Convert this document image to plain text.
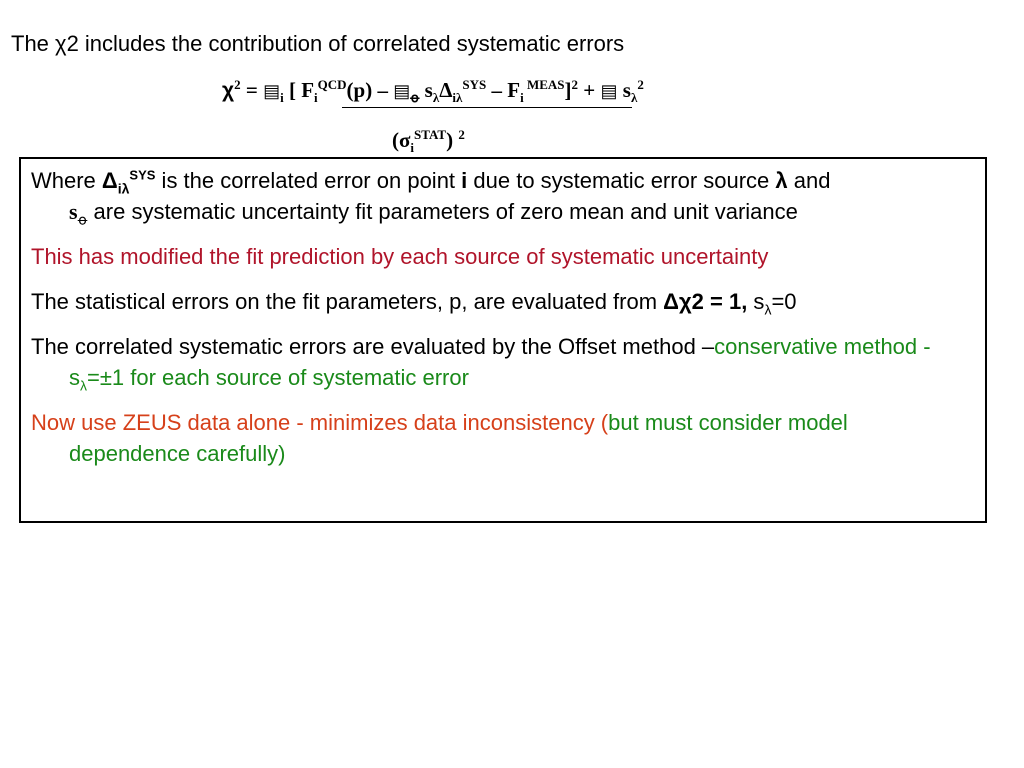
The χ2 includes the contribution of correlated systematic errors
$\chi^2$ = $▤_i$ [ $F_i^{QCD}(p)$ – $▤_ꝋ$ $s_\lambda\Delta_{i\lambda}^{SYS} - F_i$ $^{MEAS}$]$^2$ + ▤ $s_\lambda^2$
$(\sigma_i^{STAT})$ $^2$

Where $\Delta_{i\lambda}^{SYS}$ is the correlated error on point i due to systematic error source λ and
$s_ꝋ$ are systematic uncertainty fit parameters of zero mean and unit variance

This has modified the fit prediction by each source of systematic uncertainty

The statistical errors on the fit parameters, p, are evaluated from Δχ2 = 1, $s_\lambda=0$

The correlated systematic errors are evaluated by the Offset method –conservative method - $s_\lambda=\pm 1$ for each source of systematic error

Now use ZEUS data alone - minimizes data inconsistency (but must consider model dependence carefully)
